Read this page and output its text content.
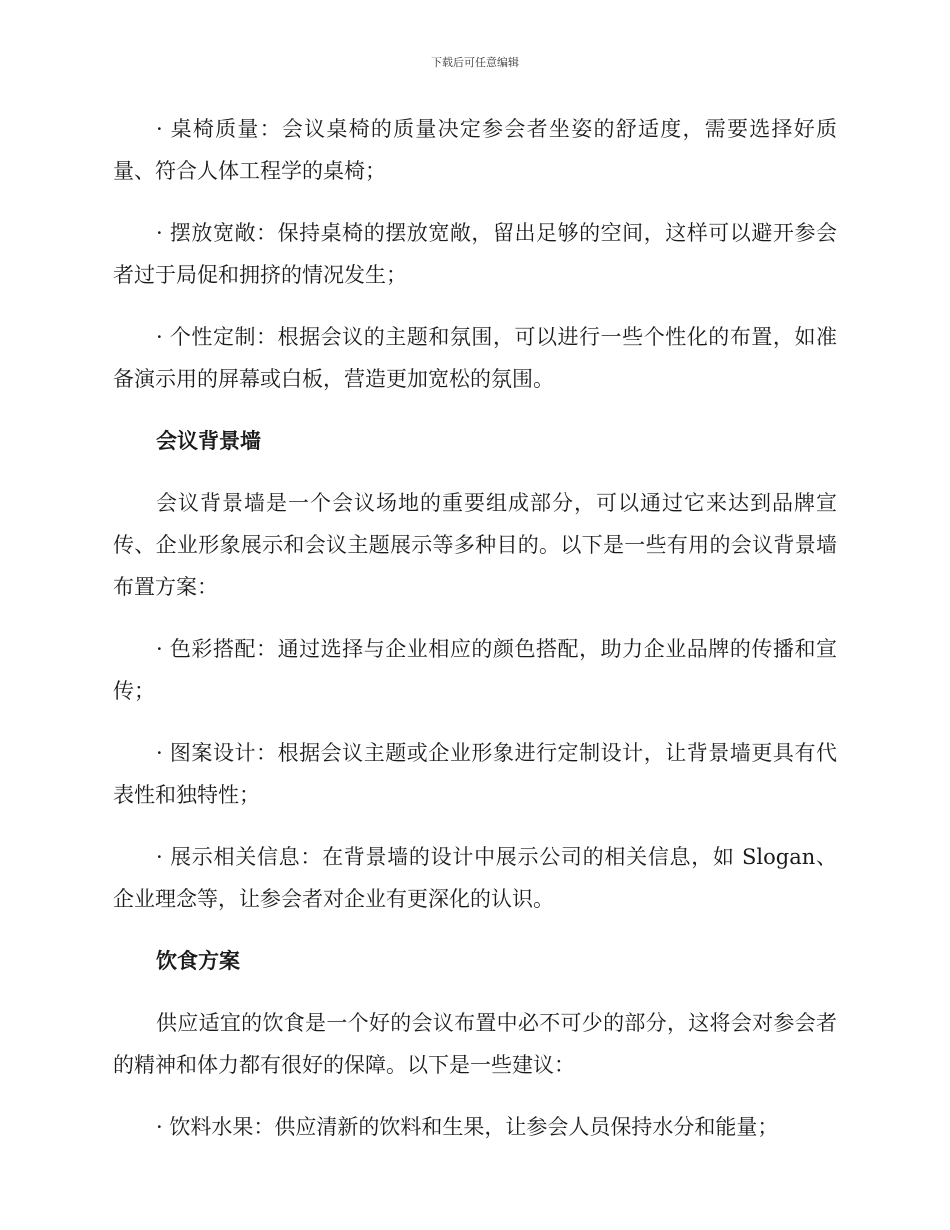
下载后可任意编辑

· 桌椅质量：会议桌椅的质量决定参会者坐姿的舒适度，需要选择好质量、符合人体工程学的桌椅；

· 摆放宽敞：保持桌椅的摆放宽敞，留出足够的空间，这样可以避开参会者过于局促和拥挤的情况发生；

· 个性定制：根据会议的主题和氛围，可以进行一些个性化的布置，如准备演示用的屏幕或白板，营造更加宽松的氛围。

会议背景墙

会议背景墙是一个会议场地的重要组成部分，可以通过它来达到品牌宣传、企业形象展示和会议主题展示等多种目的。以下是一些有用的会议背景墙布置方案：

· 色彩搭配：通过选择与企业相应的颜色搭配，助力企业品牌的传播和宣传；

· 图案设计：根据会议主题或企业形象进行定制设计，让背景墙更具有代表性和独特性；

· 展示相关信息：在背景墙的设计中展示公司的相关信息，如 Slogan、企业理念等，让参会者对企业有更深化的认识。

饮食方案

供应适宜的饮食是一个好的会议布置中必不可少的部分，这将会对参会者的精神和体力都有很好的保障。以下是一些建议：

· 饮料水果：供应清新的饮料和生果，让参会人员保持水分和能量；
